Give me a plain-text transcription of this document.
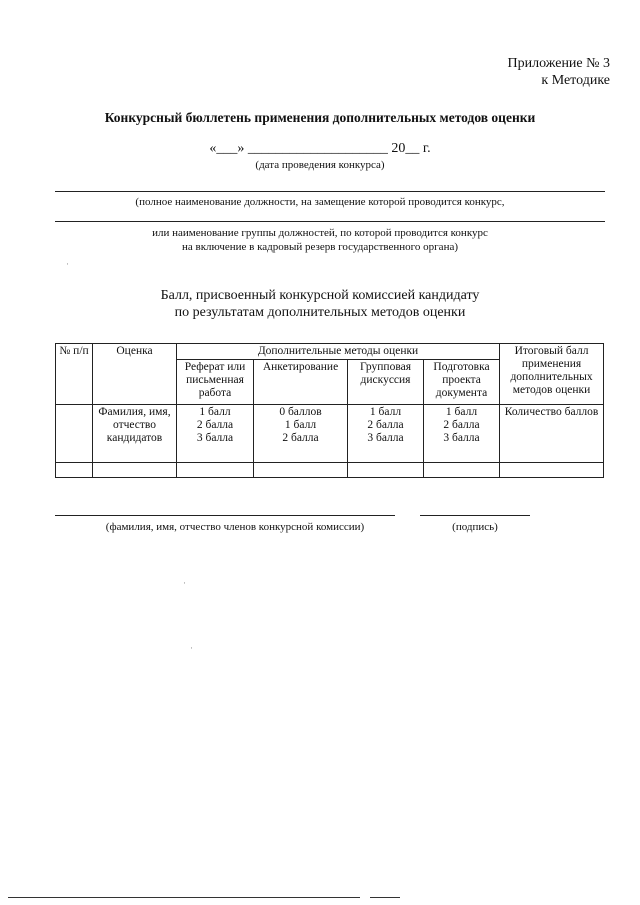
Приложение № 3
к Методике
Конкурсный бюллетень применения дополнительных методов оценки
«___» ____________________ 20__ г.
(дата проведения конкурса)
(полное наименование должности, на замещение которой проводится конкурс,
или наименование группы должностей, по которой проводится конкурс
на включение в кадровый резерв государственного органа)
Балл, присвоенный конкурсной комиссией кандидату
по результатам дополнительных методов оценки
№ п/п	Оценка	Дополнительные методы оценки				Итоговый балл применения дополнительных методов оценки
		Реферат или письменная работа	Анкетирование	Групповая дискуссия	Подготовка проекта документа	
	Фамилия, имя, отчество кандидатов	1 балл
2 балла
3 балла	0 баллов
1 балл
2 балла	1 балл
2 балла
3 балла	1 балл
2 балла
3 балла	Количество баллов

(фамилия, имя, отчество членов конкурсной комиссии)	(подпись)
·
·
·
